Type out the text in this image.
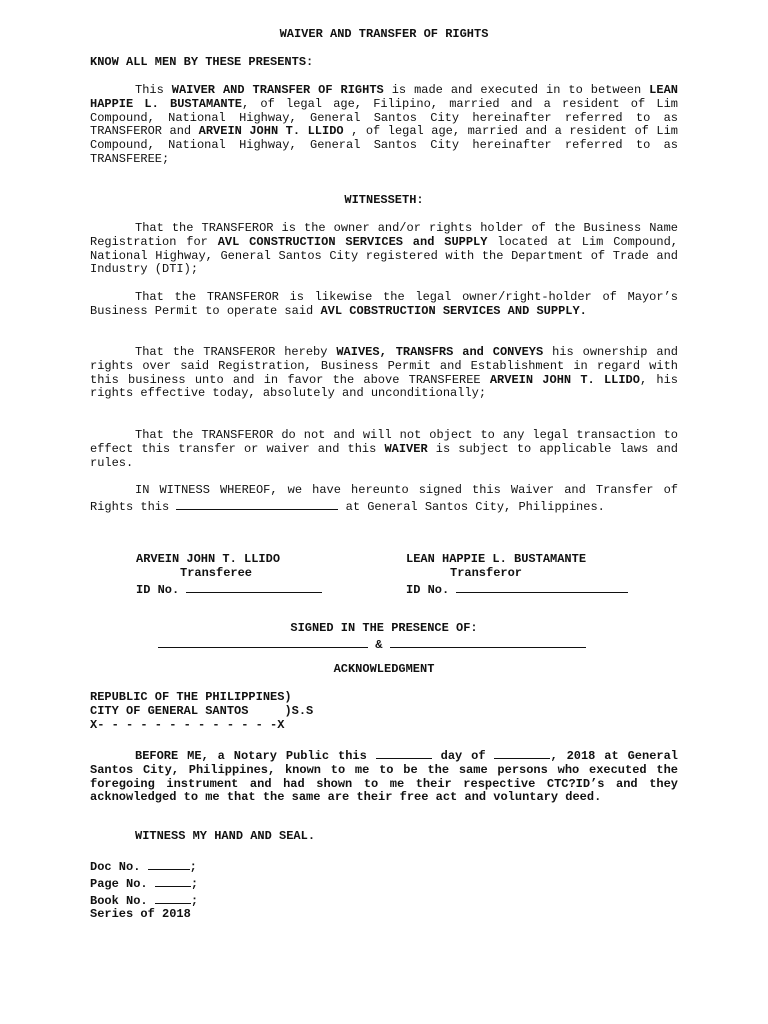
WAIVER AND TRANSFER OF RIGHTS
KNOW ALL MEN BY THESE PRESENTS:

This WAIVER AND TRANSFER OF RIGHTS is made and executed in to between LEAN HAPPIE L. BUSTAMANTE, of legal age, Filipino, married and a resident of Lim Compound, National Highway, General Santos City hereinafter referred to as TRANSFEROR and ARVEIN JOHN T. LLIDO , of legal age, married and a resident of Lim Compound, National Highway, General Santos City hereinafter referred to as TRANSFEREE;

WITNESSETH:

That the TRANSFEROR is the owner and/or rights holder of the Business Name Registration for AVL CONSTRUCTION SERVICES and SUPPLY located at Lim Compound, National Highway, General Santos City registered with the Department of Trade and Industry (DTI);

That the TRANSFEROR is likewise the legal owner/right-holder of Mayor’s Business Permit to operate said AVL COBSTRUCTION SERVICES AND SUPPLY.

That the TRANSFEROR hereby WAIVES, TRANSFRS and CONVEYS his ownership and rights over said Registration, Business Permit and Establishment in regard with this business unto and in favor the above TRANSFEREE ARVEIN JOHN T. LLIDO, his rights effective today, absolutely and unconditionally;

That the TRANSFEROR do not and will not object to any legal transaction to effect this transfer or waiver and this WAIVER is subject to applicable laws and rules.

IN WITNESS WHEREOF, we have hereunto signed this Waiver and Transfer of Rights this	at General Santos City, Philippines.

ARVEIN JOHN T. LLIDO
Transferee
ID No.
LEAN HAPPIE L. BUSTAMANTE
Transferor
ID No.
SIGNED IN THE PRESENCE OF:
&
ACKNOWLEDGMENT
REPUBLIC OF THE PHILIPPINES)
CITY OF GENERAL SANTOS	)S.S
X- - - - - - - - - - - - -X

BEFORE ME, a Notary Public this	day of	, 2018 at General Santos City, Philippines, known to me to be the same persons who executed the foregoing instrument and had shown to me their respective CTC?ID’s and they acknowledged to me that the same are their free act and voluntary deed.

WITNESS MY HAND AND SEAL.
Doc No.	;
Page No.	;
Book No.	;
Series of 2018
